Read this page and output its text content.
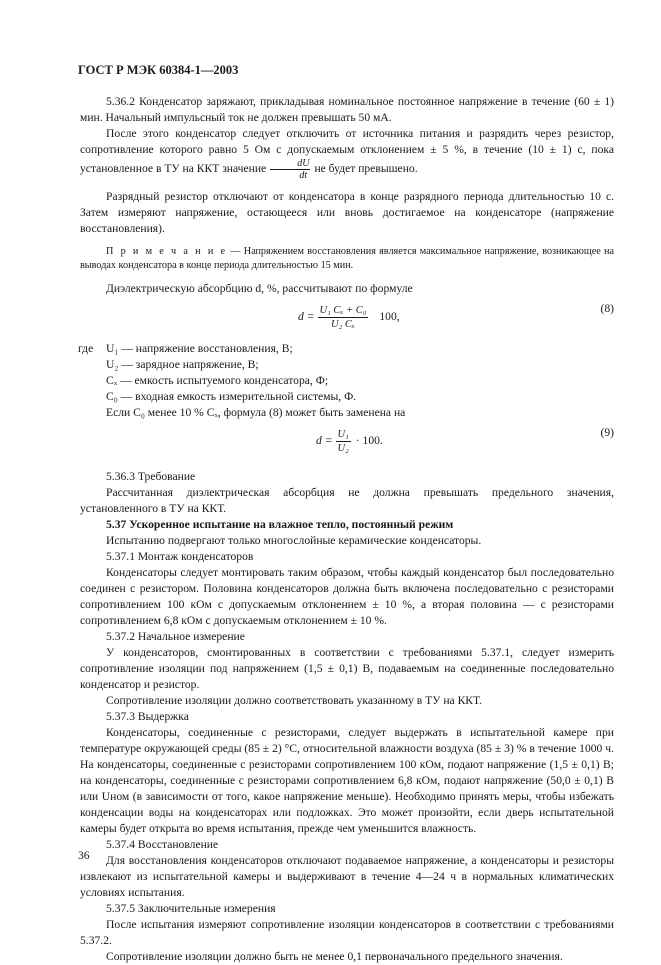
ГОСТ Р МЭК 60384-1—2003

5.36.2 Конденсатор заряжают, прикладывая номинальное постоянное напряжение в течение (60 ± 1) мин. Начальный импульсный ток не должен превышать 50 мА.

После этого конденсатор следует отключить от источника питания и разрядить через резистор, сопротивление которого равно 5 Ом с допускаемым отклонением ± 5 %, в течение (10 ± 1) с, пока установленное в ТУ на ККТ значение $\frac{dU}{dt}$ не будет превышено.

Разрядный резистор отключают от конденсатора в конце разрядного периода длительностью 10 с. Затем измеряют напряжение, остающееся или вновь достигаемое на конденсаторе (напряжение восстановления).

П р и м е ч а н и е — Напряжением восстановления является максимальное напряжение, возникающее на выводах конденсатора в конце периода длительностью 15 мин.

Диэлектрическую абсорбцию d, %, рассчитывают по формуле

$d = \frac{\text{U₁ Cₓ + C₀}}{\text{U₂ Cₓ}} 100$,
(8)
где U₁ — напряжение восстановления, В;
U₂ — зарядное напряжение, В;
Cₓ — емкость испытуемого конденсатора, Ф;
C₀ — входная емкость измерительной системы, Ф.

Если C₀ менее 10 % Cₓ, формула (8) может быть заменена на

$d = \frac{\text{U₁}}{\text{U₂}} \cdot 100$.
(9)

5.36.3 Требование

Рассчитанная диэлектрическая абсорбция не должна превышать предельного значения, установленного в ТУ на ККТ.

5.37 Ускоренное испытание на влажное тепло, постоянный режим

Испытанию подвергают только многослойные керамические конденсаторы.

5.37.1 Монтаж конденсаторов

Конденсаторы следует монтировать таким образом, чтобы каждый конденсатор был последовательно соединен с резистором. Половина конденсаторов должна быть включена последовательно с резисторами сопротивлением 100 кОм с допускаемым отклонением ± 10 %, а вторая половина — с резисторами сопротивлением 6,8 кОм с допускаемым отклонением ± 10 %.

5.37.2 Начальное измерение

У конденсаторов, смонтированных в соответствии с требованиями 5.37.1, следует измерить сопротивление изоляции под напряжением (1,5 ± 0,1) В, подаваемым на соединенные последовательно конденсатор и резистор.

Сопротивление изоляции должно соответствовать указанному в ТУ на ККТ.

5.37.3 Выдержка

Конденсаторы, соединенные с резисторами, следует выдержать в испытательной камере при температуре окружающей среды (85 ± 2) °С, относительной влажности воздуха (85 ± 3) % в течение 1000 ч. На конденсаторы, соединенные с резисторами сопротивлением 100 кОм, подают напряжение (1,5 ± 0,1) В; на конденсаторы, соединенные с резисторами сопротивлением 6,8 кОм, подают напряжение (50,0 ± 0,1) В или Uном (в зависимости от того, какое напряжение меньше). Необходимо принять меры, чтобы избежать конденсации воды на конденсаторах или подложках. Это может произойти, если дверь испытательной камеры будет открыта во время испытания, прежде чем уменьшится влажность.

5.37.4 Восстановление

Для восстановления конденсаторов отключают подаваемое напряжение, а конденсаторы и резисторы извлекают из испытательной камеры и выдерживают в течение 4—24 ч в нормальных климатических условиях испытания.

5.37.5 Заключительные измерения

После испытания измеряют сопротивление изоляции конденсаторов в соответствии с требованиями 5.37.2.

Сопротивление изоляции должно быть не менее 0,1 первоначального предельного значения.

36
